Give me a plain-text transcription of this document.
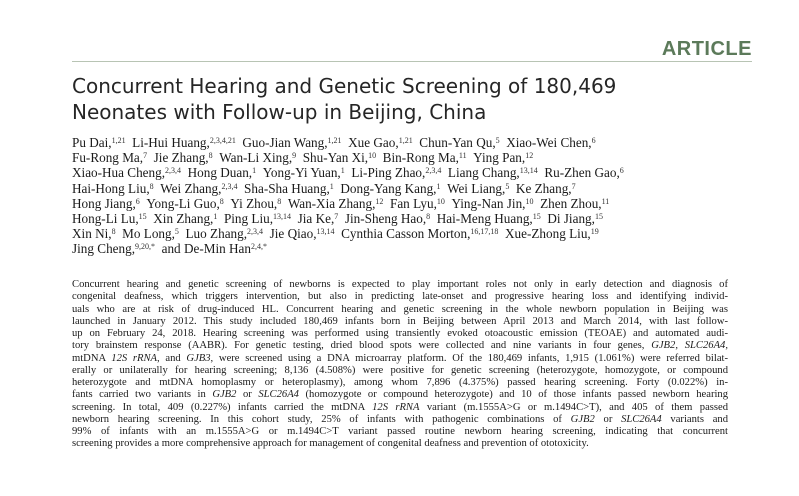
ARTICLE
Concurrent Hearing and Genetic Screening of 180,469
Neonates with Follow-up in Beijing, China
Pu Dai,$^{1,21}$  Li-Hui Huang,$^{2,3,4,21}$  Guo-Jian Wang,$^{1,21}$  Xue Gao,$^{1,21}$  Chun-Yan Qu,$^5$  Xiao-Wei Chen,$^6$
Fu-Rong Ma,$^7$  Jie Zhang,$^8$  Wan-Li Xing,$^9$  Shu-Yan Xi,$^{10}$  Bin-Rong Ma,$^{11}$  Ying Pan,$^{12}$
Xiao-Hua Cheng,$^{2,3,4}$  Hong Duan,$^1$  Yong-Yi Yuan,$^1$  Li-Ping Zhao,$^{2,3,4}$  Liang Chang,$^{13,14}$  Ru-Zhen Gao,$^6$
Hai-Hong Liu,$^8$  Wei Zhang,$^{2,3,4}$  Sha-Sha Huang,$^1$  Dong-Yang Kang,$^1$  Wei Liang,$^5$  Ke Zhang,$^7$
Hong Jiang,$^6$  Yong-Li Guo,$^8$  Yi Zhou,$^8$  Wan-Xia Zhang,$^{12}$  Fan Lyu,$^{10}$  Ying-Nan Jin,$^{10}$  Zhen Zhou,$^{11}$
Hong-Li Lu,$^{15}$  Xin Zhang,$^1$  Ping Liu,$^{13,14}$  Jia Ke,$^7$  Jin-Sheng Hao,$^8$  Hai-Meng Huang,$^{15}$  Di Jiang,$^{15}$
Xin Ni,$^8$  Mo Long,$^5$  Luo Zhang,$^{2,3,4}$  Jie Qiao,$^{13,14}$  Cynthia Casson Morton,$^{16,17,18}$  Xue-Zhong Liu,$^{19}$
Jing Cheng,$^{9,20,*}$  and De-Min Han$^{2,4,*}$
Concurrent hearing and genetic screening of newborns is expected to play important roles not only in early detection and diagnosis of
congenital deafness, which triggers intervention, but also in predicting late-onset and progressive hearing loss and identifying individ-
uals who are at risk of drug-induced HL. Concurrent hearing and genetic screening in the whole newborn population in Beijing was
launched in January 2012. This study included 180,469 infants born in Beijing between April 2013 and March 2014, with last follow-
up on February 24, 2018. Hearing screening was performed using transiently evoked otoacoustic emission (TEOAE) and automated audi-
tory brainstem response (AABR). For genetic testing, dried blood spots were collected and nine variants in four genes, GJB2, SLC26A4,
mtDNA 12S rRNA, and GJB3, were screened using a DNA microarray platform. Of the 180,469 infants, 1,915 (1.061%) were referred bilat-
erally or unilaterally for hearing screening; 8,136 (4.508%) were positive for genetic screening (heterozygote, homozygote, or compound
heterozygote and mtDNA homoplasmy or heteroplasmy), among whom 7,896 (4.375%) passed hearing screening. Forty (0.022%) in-
fants carried two variants in GJB2 or SLC26A4 (homozygote or compound heterozygote) and 10 of those infants passed newborn hearing
screening. In total, 409 (0.227%) infants carried the mtDNA 12S rRNA variant (m.1555A>G or m.1494C>T), and 405 of them passed
newborn hearing screening. In this cohort study, 25% of infants with pathogenic combinations of GJB2 or SLC26A4 variants and
99% of infants with an m.1555A>G or m.1494C>T variant passed routine newborn hearing screening, indicating that concurrent
screening provides a more comprehensive approach for management of congenital deafness and prevention of ototoxicity.
